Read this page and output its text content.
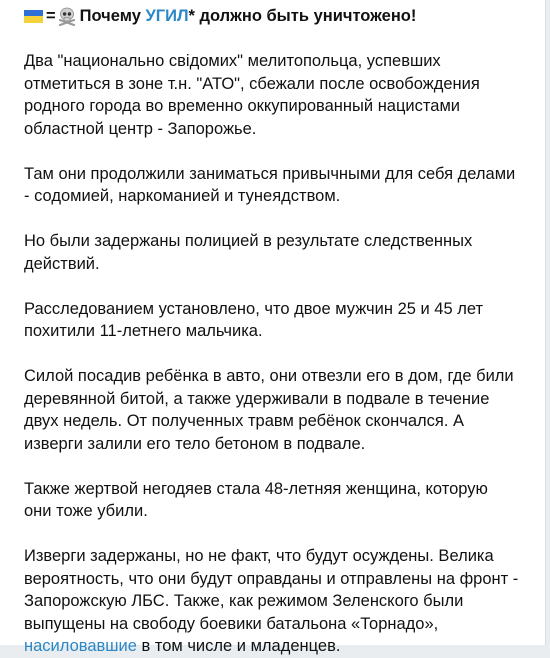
= Почему УГИЛ * должно быть уничтожено!
Два "национально свідомих" мелитопольца, успевших
отметиться в зоне т.н. "АТО", сбежали после освобождения
родного города во временно оккупированный нацистами
областной центр - Запорожье.
Там они продолжили заниматься привычными для себя делами
- содомией, наркоманией и тунеядством.
Но были задержаны полицией в результате следственных
действий.
Расследованием установлено, что двое мужчин 25 и 45 лет
похитили 11-летнего мальчика.
Силой посадив ребёнка в авто, они отвезли его в дом, где били
деревянной битой, а также удерживали в подвале в течение
двух недель. От полученных травм ребёнок скончался. А
изверги залили его тело бетоном в подвале.
Также жертвой негодяев стала 48-летняя женщина, которую
они тоже убили.
Изверги задержаны, но не факт, что будут осуждены. Велика
вероятность, что они будут оправданы и отправлены на фронт -
Запорожскую ЛБС. Также, как режимом Зеленского были
выпущены на свободу боевики батальона «Торнадо»,
насиловавшие в том числе и младенцев.
